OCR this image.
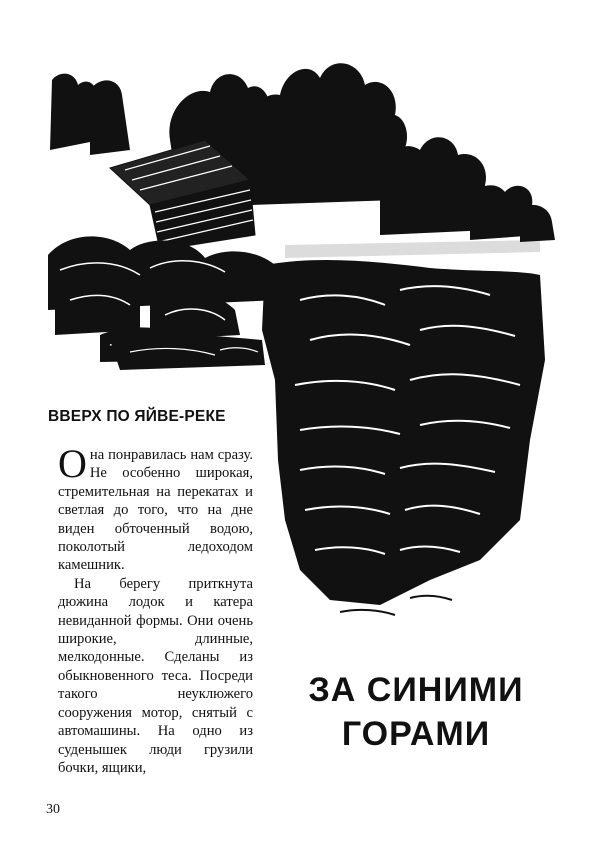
ВВЕРХ ПО ЯЙВЕ-РЕКЕ

Она понравилась нам сразу. Не особенно широкая, стремительная на перекатах и светлая до того, что на дне виден обточенный водою, поколотый ледоходом камешник.

На берегу приткнута дюжина лодок и катера невиданной формы. Они очень широкие, длинные, мелкодонные. Сделаны из обыкновенного теса. Посреди такого неуклюжего сооружения мотор, снятый с автомашины. На одно из суденышек люди грузили бочки, ящики,

ЗА СИНИМИ
ГОРАМИ
30
